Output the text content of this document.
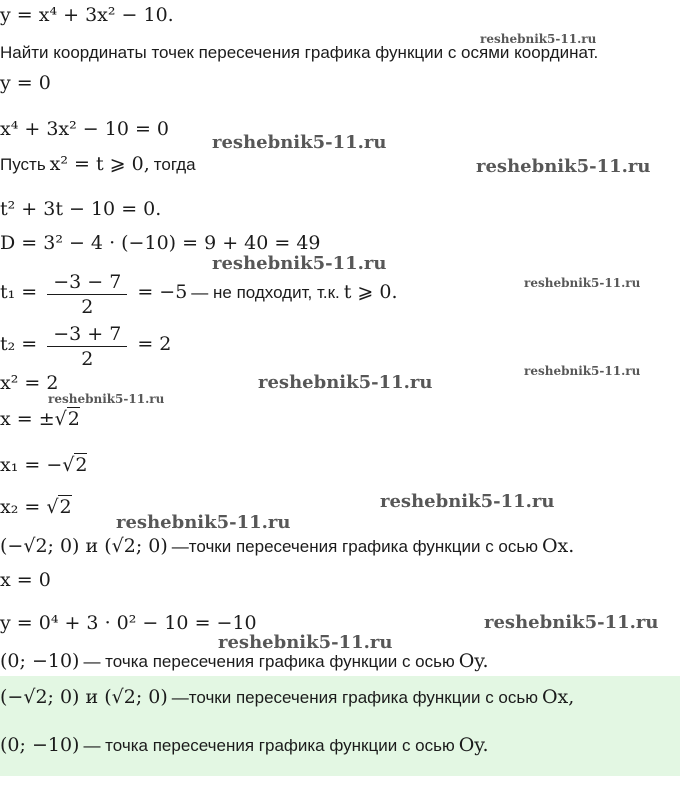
reshebnik5-11.ru
reshebnik5-11.ru
reshebnik5-11.ru
reshebnik5-11.ru
reshebnik5-11.ru
reshebnik5-11.ru
reshebnik5-11.ru
reshebnik5-11.ru
reshebnik5-11.ru
reshebnik5-11.ru
reshebnik5-11.ru
reshebnik5-11.ru
y = x⁴ + 3x² − 10.
Найти координаты точек пересечения графика функции с осями координат.
y = 0
x⁴ + 3x² − 10 = 0
Пусть x² = t ⩾ 0, тогда
t² + 3t − 10 = 0.
D = 3² − 4 · (−10) = 9 + 40 = 49
$t_1 = \frac{-3 - 7}{2} = -5$ — не подходит, т.к. t ⩾ 0.
$t_2 = \frac{-3 + 7}{2} = 2$
x² = 2
x = ±√2
x₁ = −√2
x₂ = √2
(−√2; 0) и (√2; 0) —точки пересечения графика функции с осью Ox.
x = 0
y = 0⁴ + 3 · 0² − 10 = −10
(0; −10) — точка пересечения графика функции с осью Oy.
(−√2; 0) и (√2; 0) —точки пересечения графика функции с осью Ox,
(0; −10) — точка пересечения графика функции с осью Oy.
